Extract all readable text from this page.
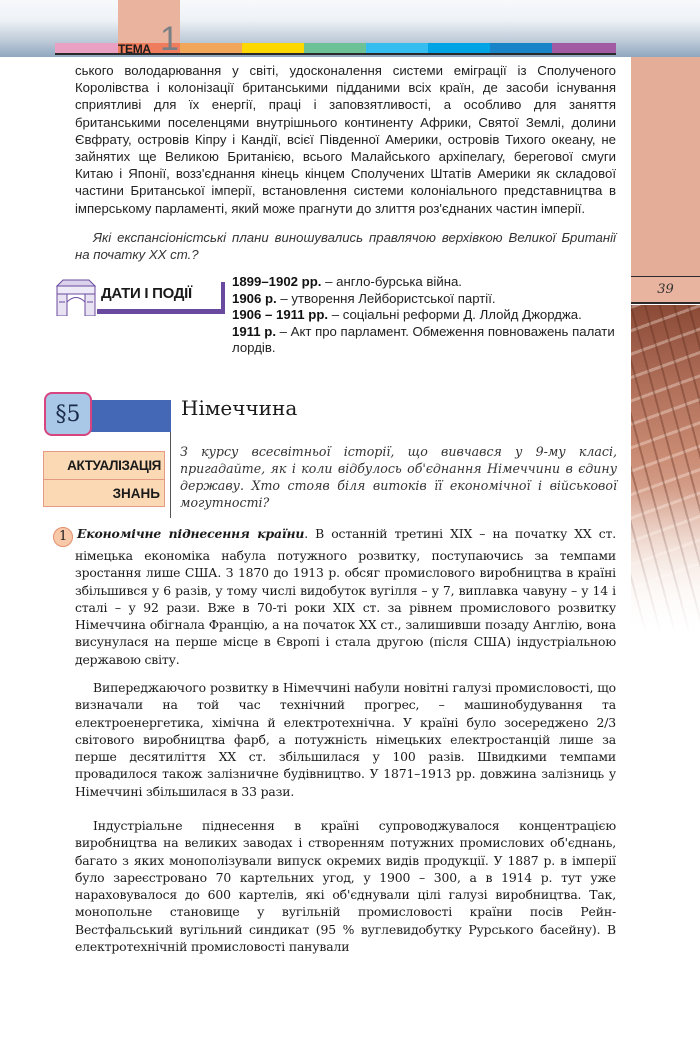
1
ТЕМА
39

ського володарювання у світі, удосконалення системи еміграції із Сполученого Королівства і колонізації британськими підданими всіх країн, де засоби існування сприятливі для їх енергії, праці і заповзятливості, а особливо для заняття британськими поселенцями внутрішнього континенту Африки, Святої Землі, долини Євфрату, островів Кіпру і Кандії, всієї Південної Америки, островів Тихого океану, не зайнятих ще Великою Британією, всього Малайського архіпелагу, берегової смуги Китаю і Японії, возз'єднання кінець кінцем Сполучених Штатів Америки як складової частини Британської імперії, встановлення системи колоніального представництва в імперському парламенті, який може прагнути до злиття роз'єднаних частин імперії.

Які експансіоністські плани виношувались правлячою верхівкою Великої Британії на початку XX ст.?

ДАТИ І ПОДІЇ
1899–1902 рр. – англо-бурська війна.
1906 р. – утворення Лейбористської партії.
1906 – 1911 рр. – соціальні реформи Д. Ллойд Джорджа.
1911 р. – Акт про парламент. Обмеження повноважень палати лордів.
§5	Німеччина
АКТУАЛІЗАЦІЯ
ЗНАНЬ
З курсу всесвітньої історії, що вивчався у 9-му класі, пригадайте, як і коли відбулось об'єднання Німеччини в єдину державу. Хто стояв біля витоків її економічної і військової могутності?

1 Економічне піднесення країни. В останній третині XIX – на початку XX ст. німецька економіка набула потужного розвитку, поступаючись за темпами зростання лише США. З 1870 до 1913 р. обсяг промислового виробництва в країні збільшився у 6 разів, у тому числі видобуток вугілля – у 7, виплавка чавуну – у 14 і сталі – у 92 рази. Вже в 70-ті роки XIX ст. за рівнем промислового розвитку Німеччина обігнала Францію, а на початок XX ст., залишивши позаду Англію, вона висунулася на перше місце в Європі і стала другою (після США) індустріальною державою світу.

Випереджаючого розвитку в Німеччині набули новітні галузі промисловості, що визначали на той час технічний прогрес, – машинобудування та електроенергетика, хімічна й електротехнічна. У країні було зосереджено 2/3 світового виробництва фарб, а потужність німецьких електростанцій лише за перше десятиліття XX ст. збільшилася у 100 разів. Швидкими темпами провадилося також залізничне будівництво. У 1871–1913 рр. довжина залізниць у Німеччині збільшилася в 33 рази.

Індустріальне піднесення в країні супроводжувалося концентрацією виробництва на великих заводах і створенням потужних промислових об'єднань, багато з яких монополізували випуск окремих видів продукції. У 1887 р. в імперії було зареєстровано 70 картельних угод, у 1900 – 300, а в 1914 р. тут уже нараховувалося до 600 картелів, які об'єднували цілі галузі виробництва. Так, монопольне становище у вугільній промисловості країни посів Рейн-Вестфальський вугільний синдикат (95 % вуглевидобутку Рурського басейну). В електротехнічній промисловості панували
